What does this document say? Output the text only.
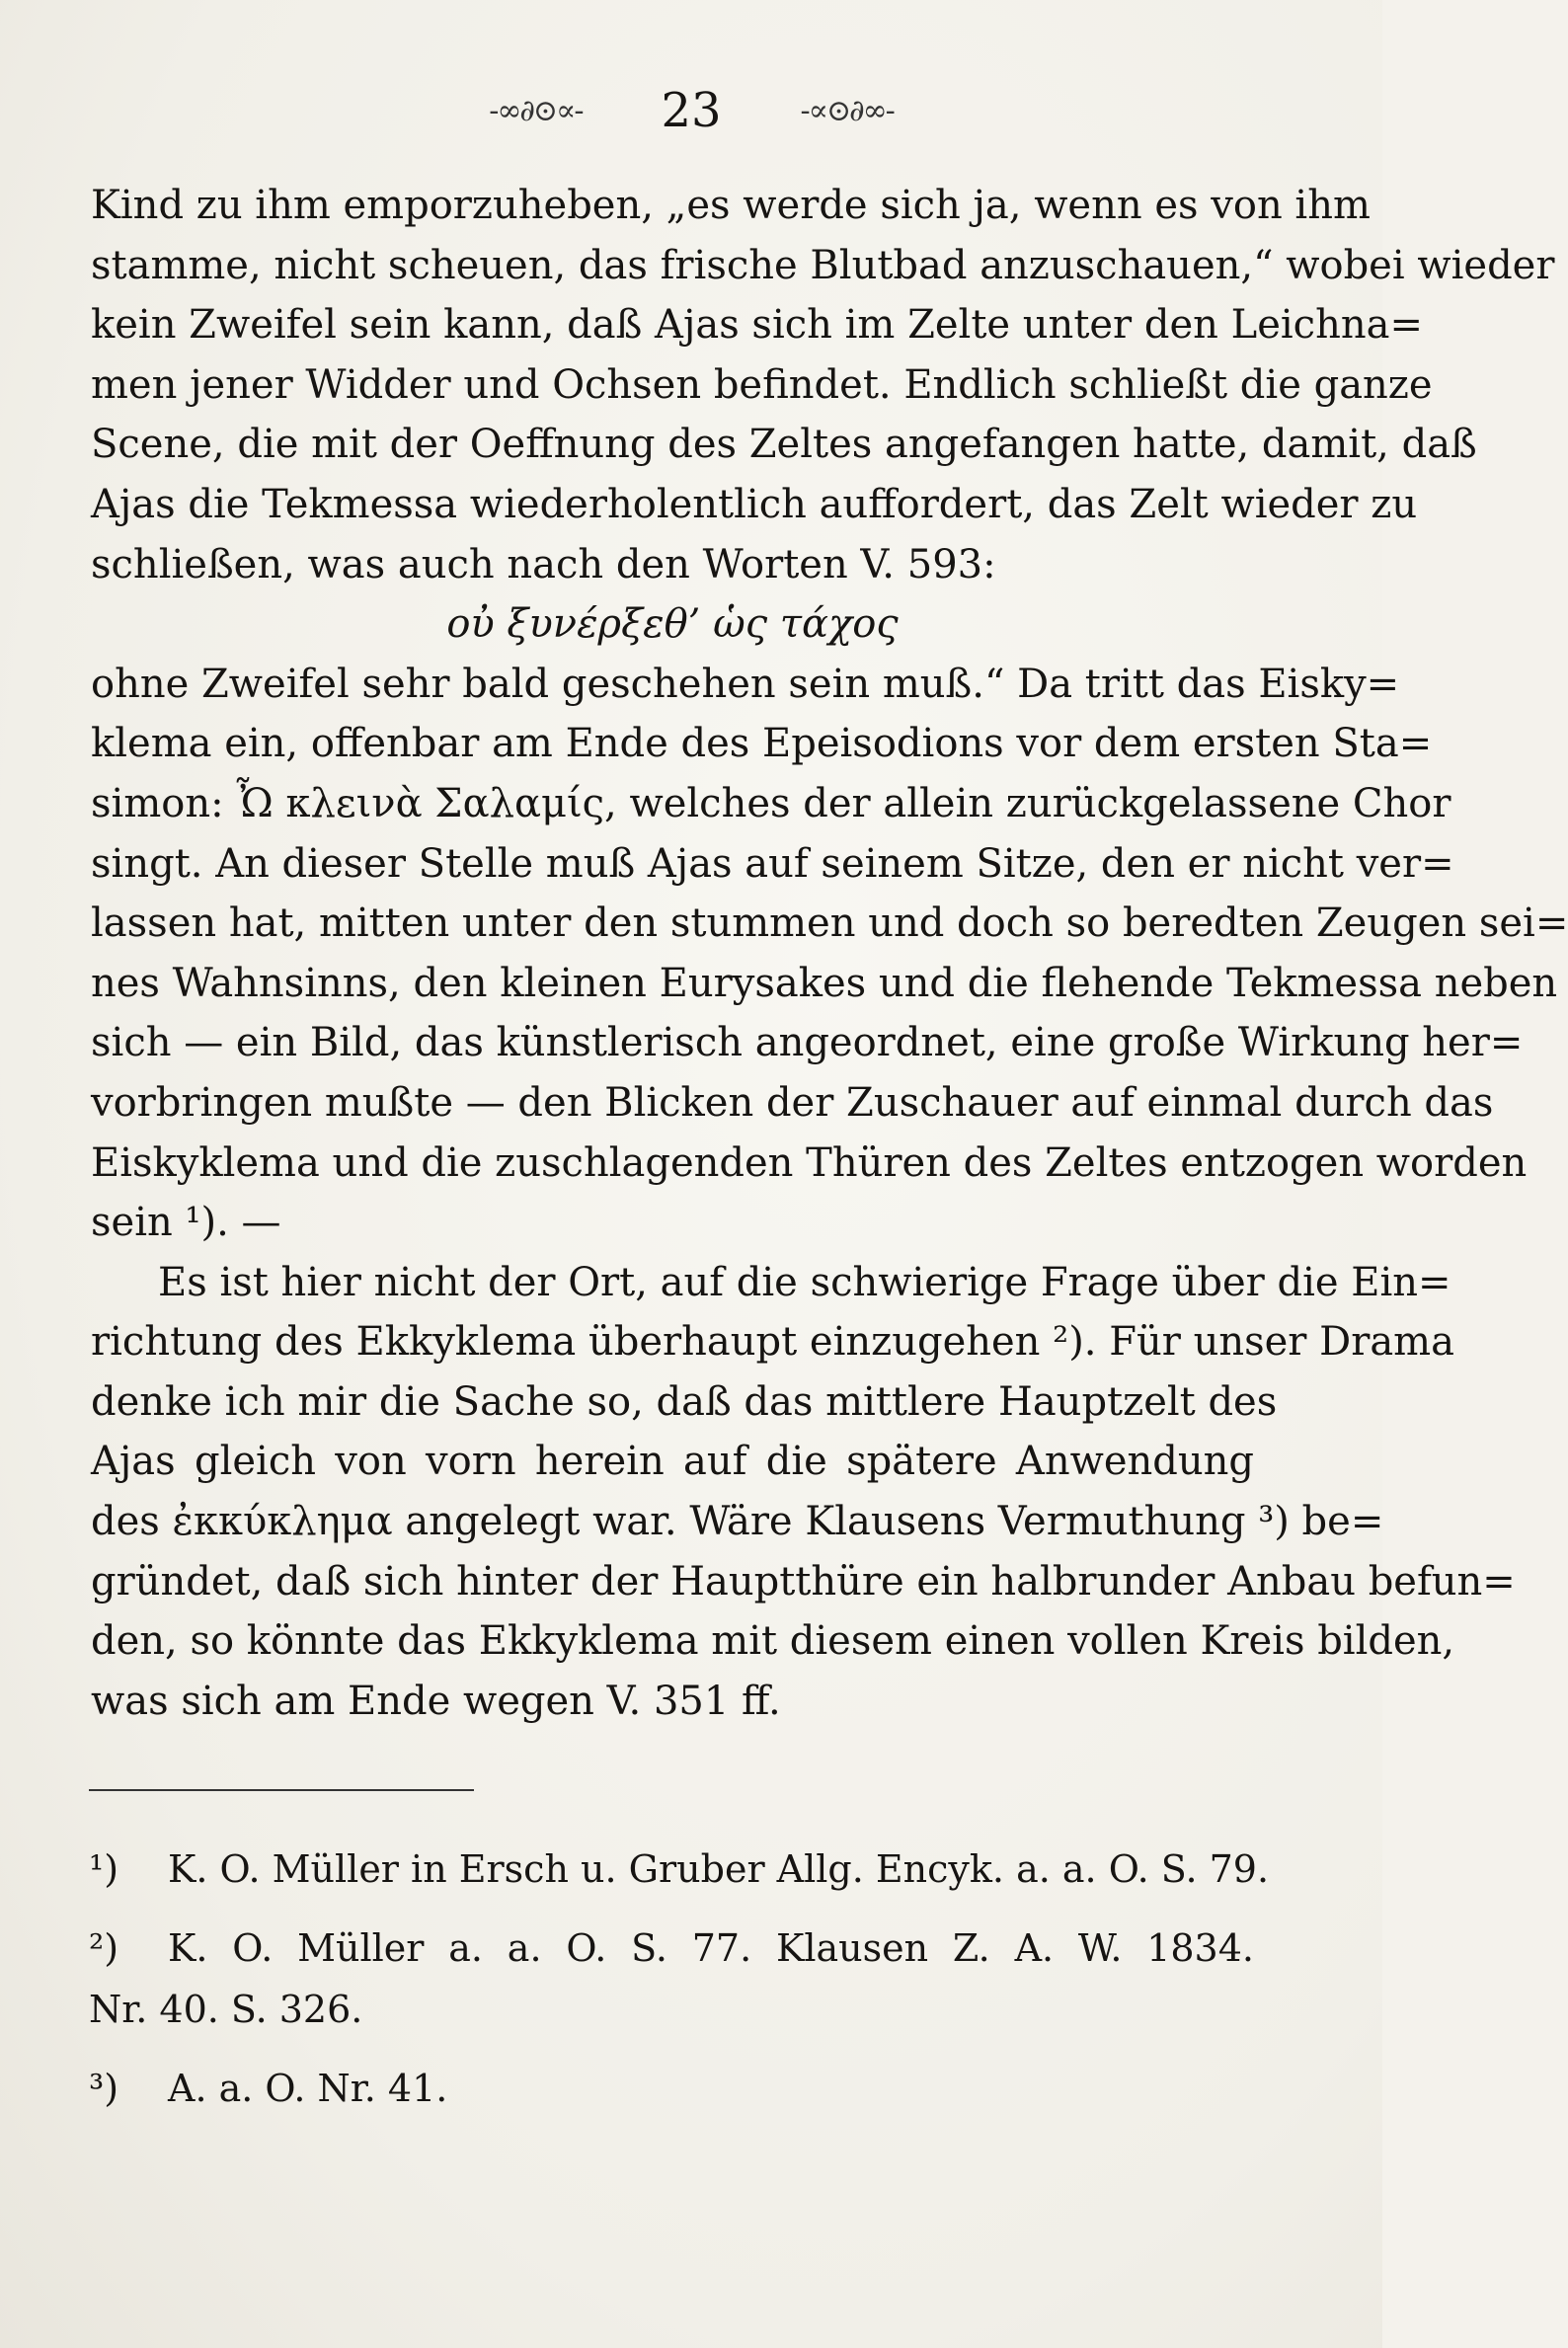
-∞∂⊙∝- 23	-∝⊙∂∞-
Kind zu ihm emporzuheben, „es werde sich ja, wenn es von ihm
stamme, nicht scheuen, das frische Blutbad anzuschauen,“ wobei wieder
kein Zweifel sein kann, daß Ajas sich im Zelte unter den Leichna=
men jener Widder und Ochsen befindet. Endlich schließt die ganze
Scene, die mit der Oeffnung des Zeltes angefangen hatte, damit, daß
Ajas die Tekmessa wiederholentlich auffordert, das Zelt wieder zu
schließen, was auch nach den Worten V. 593:
οὐ ξυνέρξεθ’ ὡς τάχος
ohne Zweifel sehr bald geschehen sein muß.“ Da tritt das Eisky=
klema ein, offenbar am Ende des Epeisodions vor dem ersten Sta=
simon: Ὦ κλεινὰ Σαλαμίς, welches der allein zurückgelassene Chor
singt. An dieser Stelle muß Ajas auf seinem Sitze, den er nicht ver=
lassen hat, mitten unter den stummen und doch so beredten Zeugen sei=
nes Wahnsinns, den kleinen Eurysakes und die flehende Tekmessa neben
sich — ein Bild, das künstlerisch angeordnet, eine große Wirkung her=
vorbringen mußte — den Blicken der Zuschauer auf einmal durch das
Eiskyklema und die zuschlagenden Thüren des Zeltes entzogen worden
sein ¹). —
Es ist hier nicht der Ort, auf die schwierige Frage über die Ein=
richtung des Ekkyklema überhaupt einzugehen ²). Für unser Drama
denke ich mir die Sache so, daß das mittlere Hauptzelt des
Ajas gleich von vorn herein auf die spätere Anwendung
des ἐκκύκλημα angelegt war. Wäre Klausens Vermuthung ³) be=
gründet, daß sich hinter der Hauptthüre ein halbrunder Anbau befun=
den, so könnte das Ekkyklema mit diesem einen vollen Kreis bilden,
was sich am Ende wegen V. 351 ff.
¹) K. O. Müller in Ersch u. Gruber Allg. Encyk. a. a. O. S. 79.
²) K. O. Müller a. a. O. S. 77. Klausen Z. A. W. 1834.
Nr. 40. S. 326.
³) A. a. O. Nr. 41.
